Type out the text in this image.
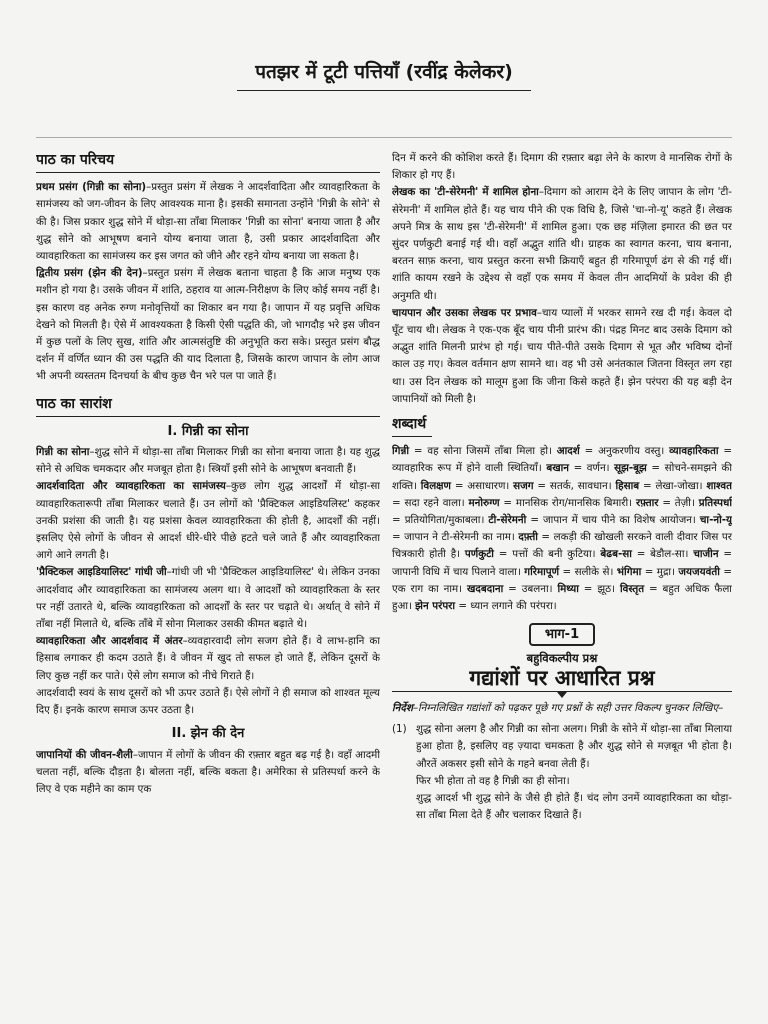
पतझर में टूटी पत्तियाँ (रवींद्र केलेकर)
पाठ का परिचय

प्रथम प्रसंग (गिन्नी का सोना)–प्रस्तुत प्रसंग में लेखक ने आदर्शवादिता और व्यावहारिकता के सामंजस्य को जग-जीवन के लिए आवश्यक माना है। इसकी समानता उन्होंने 'गिन्नी के सोने' से की है। जिस प्रकार शुद्ध सोने में थोड़ा-सा ताँबा मिलाकर 'गिन्नी का सोना' बनाया जाता है और शुद्ध सोने को आभूषण बनाने योग्य बनाया जाता है, उसी प्रकार आदर्शवादिता और व्यावहारिकता का सामंजस्य कर इस जगत को जीने और रहने योग्य बनाया जा सकता है।

द्वितीय प्रसंग (झेन की देन)–प्रस्तुत प्रसंग में लेखक बताना चाहता है कि आज मनुष्य एक मशीन हो गया है। उसके जीवन में शांति, ठहराव या आत्म-निरीक्षण के लिए कोई समय नहीं है। इस कारण वह अनेक रुग्ण मनोवृत्तियों का शिकार बन गया है। जापान में यह प्रवृत्ति अधिक देखने को मिलती है। ऐसे में आवश्यकता है किसी ऐसी पद्धति की, जो भागदौड़ भरे इस जीवन में कुछ पलों के लिए सुख, शांति और आत्मसंतुष्टि की अनुभूति करा सके। प्रस्तुत प्रसंग बौद्ध दर्शन में वर्णित ध्यान की उस पद्धति की याद दिलाता है, जिसके कारण जापान के लोग आज भी अपनी व्यस्ततम दिनचर्या के बीच कुछ चैन भरे पल पा जाते हैं।

पाठ का सारांश
I. गिन्नी का सोना

गिन्नी का सोना–शुद्ध सोने में थोड़ा-सा ताँबा मिलाकर गिन्नी का सोना बनाया जाता है। यह शुद्ध सोने से अधिक चमकदार और मजबूत होता है। स्त्रियाँ इसी सोने के आभूषण बनवाती हैं।

आदर्शवादिता और व्यावहारिकता का सामंजस्य–कुछ लोग शुद्ध आदर्शों में थोड़ा-सा व्यावहारिकतारूपी ताँबा मिलाकर चलाते हैं। उन लोगों को 'प्रैक्टिकल आइडियलिस्ट' कहकर उनकी प्रशंसा की जाती है। यह प्रशंसा केवल व्यावहारिकता की होती है, आदर्शों की नहीं। इसलिए ऐसे लोगों के जीवन से आदर्श धीरे-धीरे पीछे हटते चले जाते हैं और व्यावहारिकता आगे आने लगती है।

'प्रैक्टिकल आइडियालिस्ट' गांधी जी–गांधी जी भी 'प्रैक्टिकल आइडियालिस्ट' थे। लेकिन उनका आदर्शवाद और व्यावहारिकता का सामंजस्य अलग था। वे आदर्शों को व्यावहारिकता के स्तर पर नहीं उतारते थे, बल्कि व्यावहारिकता को आदर्शों के स्तर पर चढ़ाते थे। अर्थात् वे सोने में ताँबा नहीं मिलाते थे, बल्कि ताँबे में सोना मिलाकर उसकी कीमत बढ़ाते थे।

व्यावहारिकता और आदर्शवाद में अंतर–व्यवहारवादी लोग सजग होते हैं। वे लाभ-हानि का हिसाब लगाकर ही कदम उठाते हैं। वे जीवन में खुद तो सफल हो जाते हैं, लेकिन दूसरों के लिए कुछ नहीं कर पाते। ऐसे लोग समाज को नीचे गिराते हैं।

आदर्शवादी स्वयं के साथ दूसरों को भी ऊपर उठाते हैं। ऐसे लोगों ने ही समाज को शाश्वत मूल्य दिए हैं। इनके कारण समाज ऊपर उठता है।

II. झेन की देन

जापानियों की जीवन-शैली–जापान में लोगों के जीवन की रफ़्तार बहुत बढ़ गई है। वहाँ आदमी चलता नहीं, बल्कि दौड़ता है। बोलता नहीं, बल्कि बकता है। अमेरिका से प्रतिस्पर्धा करने के लिए वे एक महीने का काम एक

दिन में करने की कोशिश करते हैं। दिमाग की रफ़्तार बढ़ा लेने के कारण वे मानसिक रोगों के शिकार हो गए हैं।

लेखक का 'टी-सेरेमनी' में शामिल होना–दिमाग को आराम देने के लिए जापान के लोग 'टी-सेरेमनी' में शामिल होते हैं। यह चाय पीने की एक विधि है, जिसे 'चा-नो-यू' कहते हैं। लेखक अपने मित्र के साथ इस 'टी-सेरेमनी' में शामिल हुआ। एक छह मंज़िला इमारत की छत पर सुंदर पर्णकुटी बनाई गई थी। वहाँ अद्भुत शांति थी। ग्राहक का स्वागत करना, चाय बनाना, बरतन साफ़ करना, चाय प्रस्तुत करना सभी क्रियाएँ बहुत ही गरिमापूर्ण ढंग से की गई थीं। शांति कायम रखने के उद्देश्य से वहाँ एक समय में केवल तीन आदमियों के प्रवेश की ही अनुमति थी।

चायपान और उसका लेखक पर प्रभाव–चाय प्यालों में भरकर सामने रख दी गई। केवल दो घूँट चाय थी। लेखक ने एक-एक बूँद चाय पीनी प्रारंभ की। पंद्रह मिनट बाद उसके दिमाग को अद्भुत शांति मिलनी प्रारंभ हो गई। चाय पीते-पीते उसके दिमाग से भूत और भविष्य दोनों काल उड़ गए। केवल वर्तमान क्षण सामने था। वह भी उसे अनंतकाल जितना विस्तृत लग रहा था। उस दिन लेखक को मालूम हुआ कि जीना किसे कहते हैं। झेन परंपरा की यह बड़ी देन जापानियों को मिली है।

शब्दार्थ

गिन्नी = वह सोना जिसमें ताँबा मिला हो। आदर्श = अनुकरणीय वस्तु। व्यावहारिकता = व्यावहारिक रूप में होने वाली स्थितियाँ। बखान = वर्णन। सूझ-बूझ = सोचने-समझने की शक्ति। विलक्षण = असाधारण। सजग = सतर्क, सावधान। हिसाब = लेखा-जोखा। शाश्वत = सदा रहने वाला। मनोरुग्ण = मानसिक रोग/मानसिक बिमारी। रफ़्तार = तेज़ी। प्रतिस्पर्धा = प्रतियोगिता/मुकाबला। टी-सेरेमनी = जापान में चाय पीने का विशेष आयोजन। चा-नो-यू = जापान ने टी-सेरेमनी का नाम। दफ़्ती = लकड़ी की खोखली सरकने वाली दीवार जिस पर चित्रकारी होती है। पर्णकुटी = पत्तों की बनी कुटिया। बेढब-सा = बेडौल-सा। चाजीन = जापानी विधि में चाय पिलाने वाला। गरिमापूर्ण = सलीके से। भंगिमा = मुद्रा। जयजयवंती = एक राग का नाम। खदबदाना = उबलना। मिथ्या = झूठ। विस्तृत = बहुत अधिक फैला हुआ। झेन परंपरा = ध्यान लगाने की परंपरा।

भाग-1
बहुविकल्पीय प्रश्न
गद्यांशों पर आधारित प्रश्न

निर्देश–निम्नलिखित गद्यांशों को पढ़कर पूछे गए प्रश्नों के सही उत्तर विकल्प चुनकर लिखिए–

(1) शुद्ध सोना अलग है और गिन्नी का सोना अलग। गिन्नी के सोने में थोड़ा-सा ताँबा मिलाया हुआ होता है, इसलिए वह ज़्यादा चमकता है और शुद्ध सोने से मज़बूत भी होता है। औरतें अकसर इसी सोने के गहने बनवा लेती हैं।

फिर भी होता तो वह है गिन्नी का ही सोना।

शुद्ध आदर्श भी शुद्ध सोने के जैसे ही होते हैं। चंद लोग उनमें व्यावहारिकता का थोड़ा-सा ताँबा मिला देते हैं और चलाकर दिखाते हैं।
